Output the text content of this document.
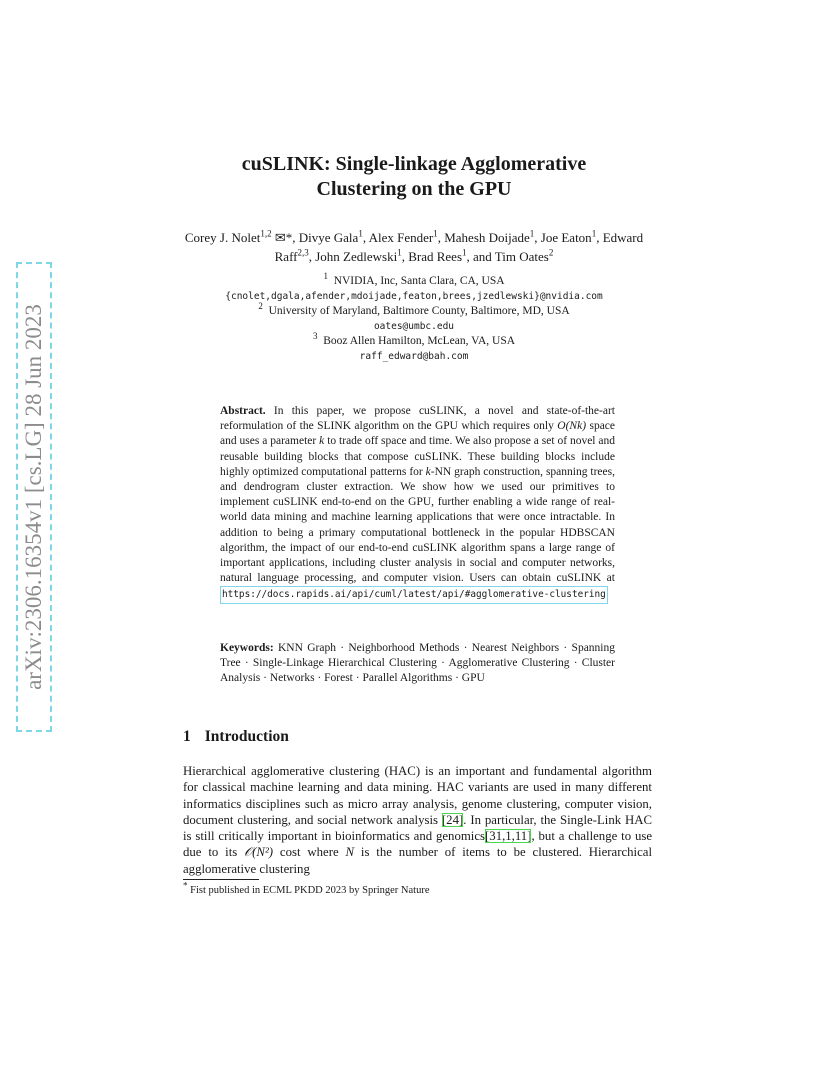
arXiv:2306.16354v1 [cs.LG] 28 Jun 2023
cuSLINK: Single-linkage Agglomerative
Clustering on the GPU
Corey J. Nolet$^{1,2}$ ✉*, Divye Gala$^1$, Alex Fender$^1$, Mahesh Doijade$^1$, Joe Eaton$^1$, Edward Raff$^{2,3}$, John Zedlewski$^1$, Brad Rees$^1$, and Tim Oates$^2$
$^1$ NVIDIA, Inc, Santa Clara, CA, USA
{cnolet,dgala,afender,mdoijade,featon,brees,jzedlewski}@nvidia.com
$^2$ University of Maryland, Baltimore County, Baltimore, MD, USA
oates@umbc.edu
$^3$ Booz Allen Hamilton, McLean, VA, USA
raff_edward@bah.com
Abstract. In this paper, we propose cuSLINK, a novel and state-of-the-art reformulation of the SLINK algorithm on the GPU which requires only O(Nk) space and uses a parameter k to trade off space and time. We also propose a set of novel and reusable building blocks that compose cuSLINK. These building blocks include highly optimized computational patterns for k-NN graph construction, spanning trees, and dendrogram cluster extraction. We show how we used our primitives to implement cuSLINK end-to-end on the GPU, further enabling a wide range of real-world data mining and machine learning applications that were once intractable. In addition to being a primary computational bottleneck in the popular HDBSCAN algorithm, the impact of our end-to-end cuSLINK algorithm spans a large range of important applications, including cluster analysis in social and computer networks, natural language processing, and computer vision. Users can obtain cuSLINK at https://docs.rapids.ai/api/cuml/latest/api/#agglomerative-clustering
Keywords: KNN Graph · Neighborhood Methods · Nearest Neighbors · Spanning Tree · Single-Linkage Hierarchical Clustering · Agglomerative Clustering · Cluster Analysis · Networks · Forest · Parallel Algorithms · GPU
1 Introduction
Hierarchical agglomerative clustering (HAC) is an important and fundamental algorithm for classical machine learning and data mining. HAC variants are used in many different informatics disciplines such as micro array analysis, genome clustering, computer vision, document clustering, and social network analysis [24]. In particular, the Single-Link HAC is still critically important in bioinformatics and genomics[31,1,11], but a challenge to use due to its 𝒪(N²) cost where N is the number of items to be clustered. Hierarchical agglomerative clustering
* Fist published in ECML PKDD 2023 by Springer Nature
